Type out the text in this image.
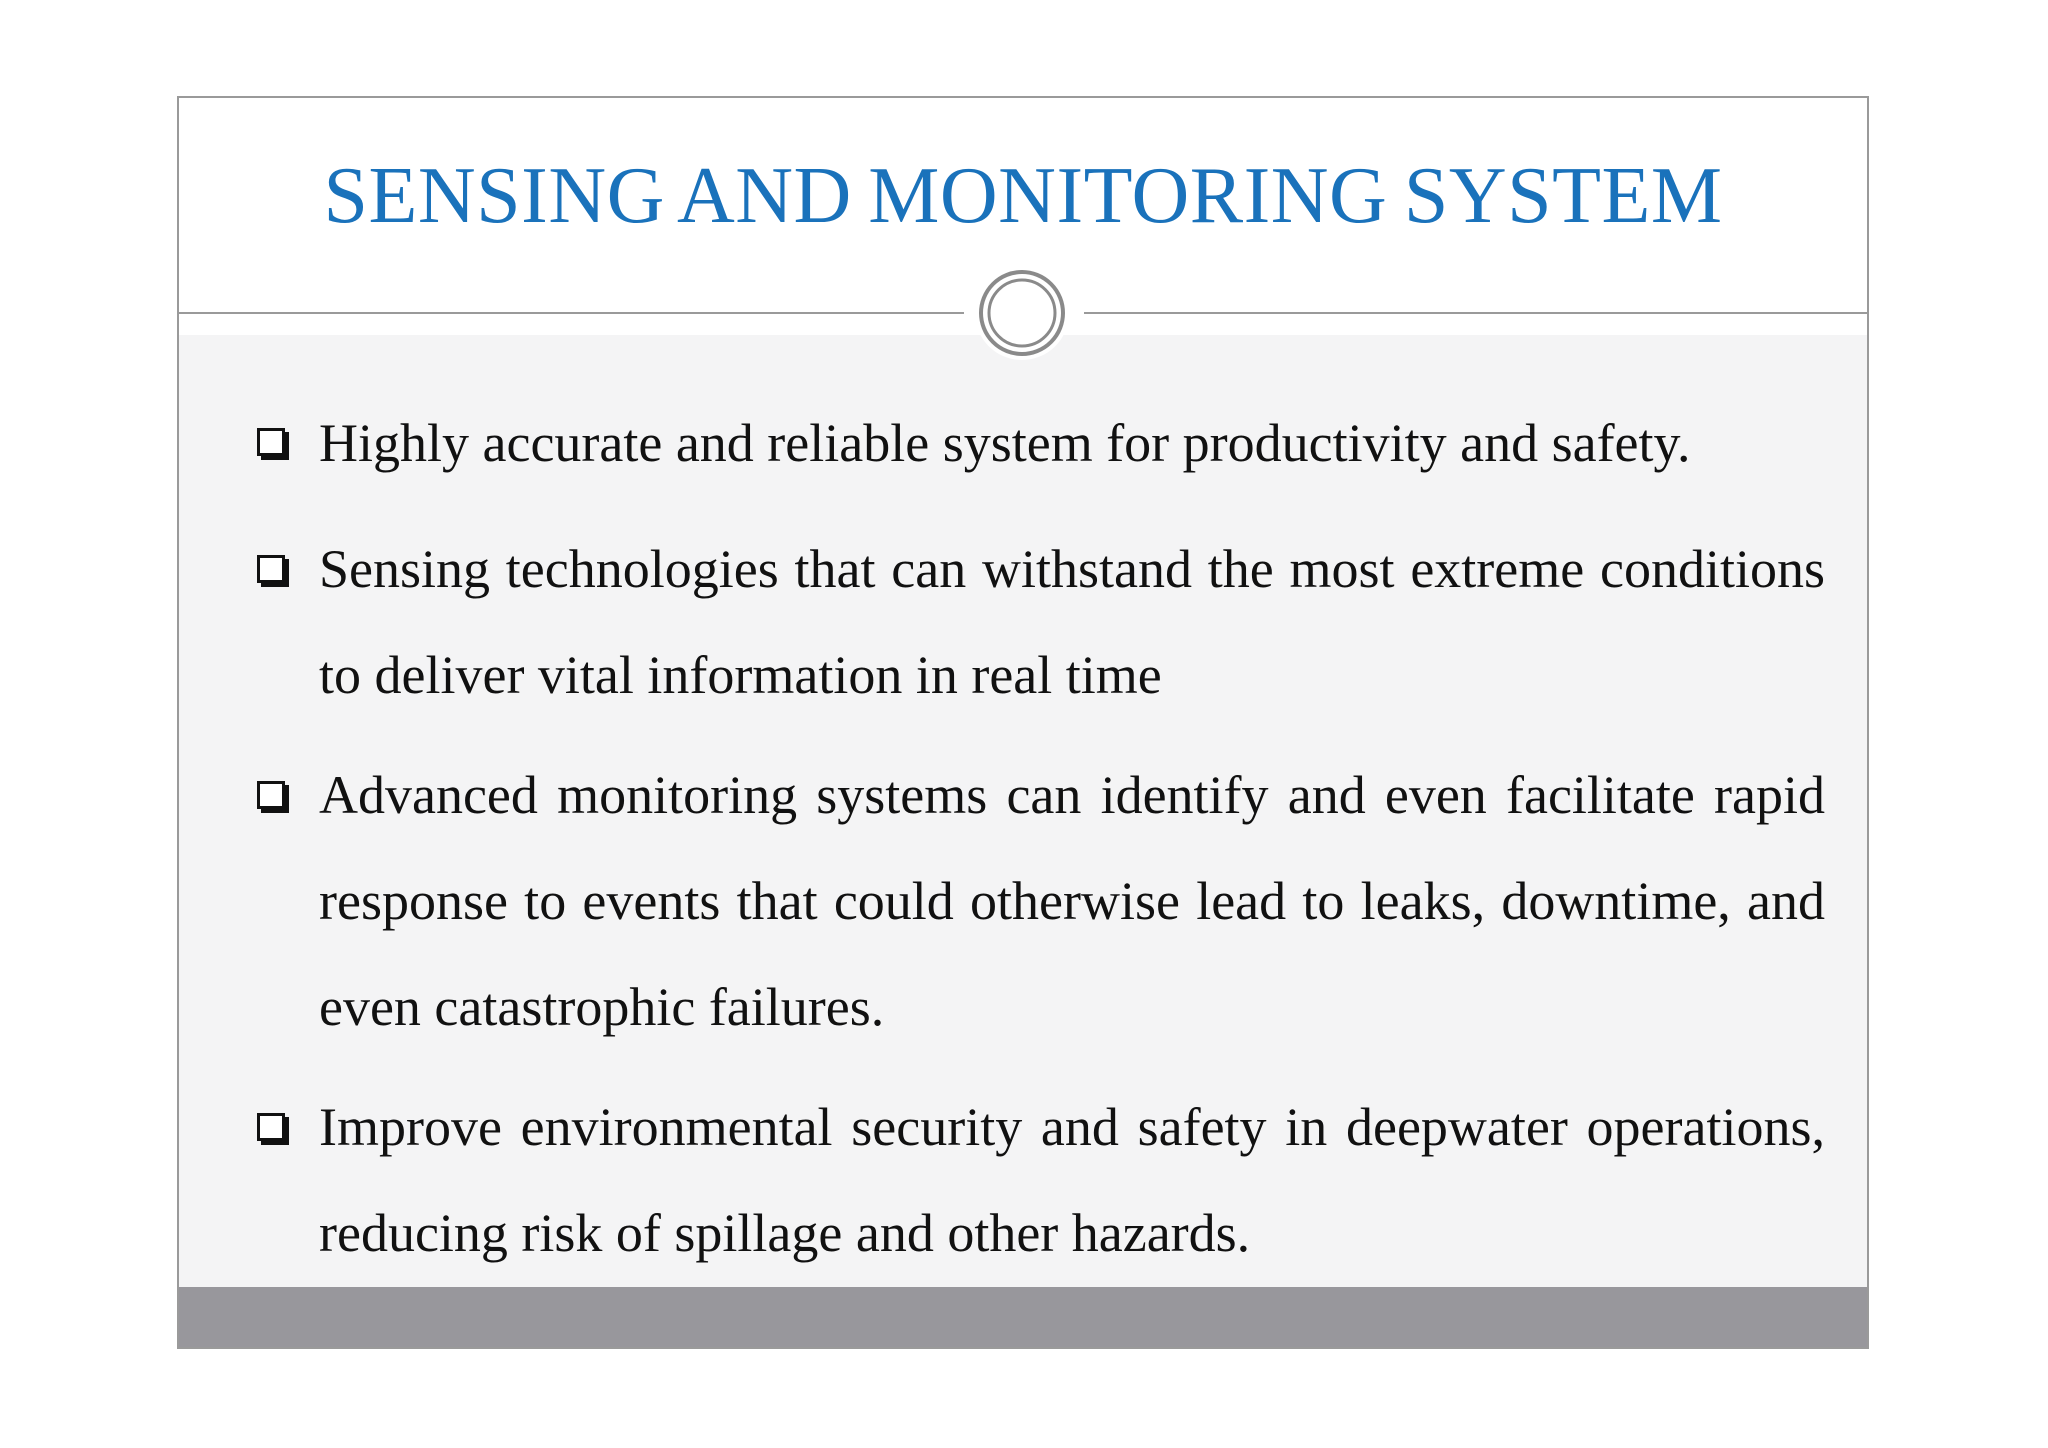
SENSING AND MONITORING SYSTEM
Highly accurate and reliable system for productivity and safety.
Sensing technologies that can withstand the most extreme conditions to deliver vital information in real time
Advanced monitoring systems can identify and even facilitate rapid response to events that could otherwise lead to leaks, downtime, and even catastrophic failures.
Improve environmental security and safety in deepwater operations, reducing risk of spillage and other hazards.
